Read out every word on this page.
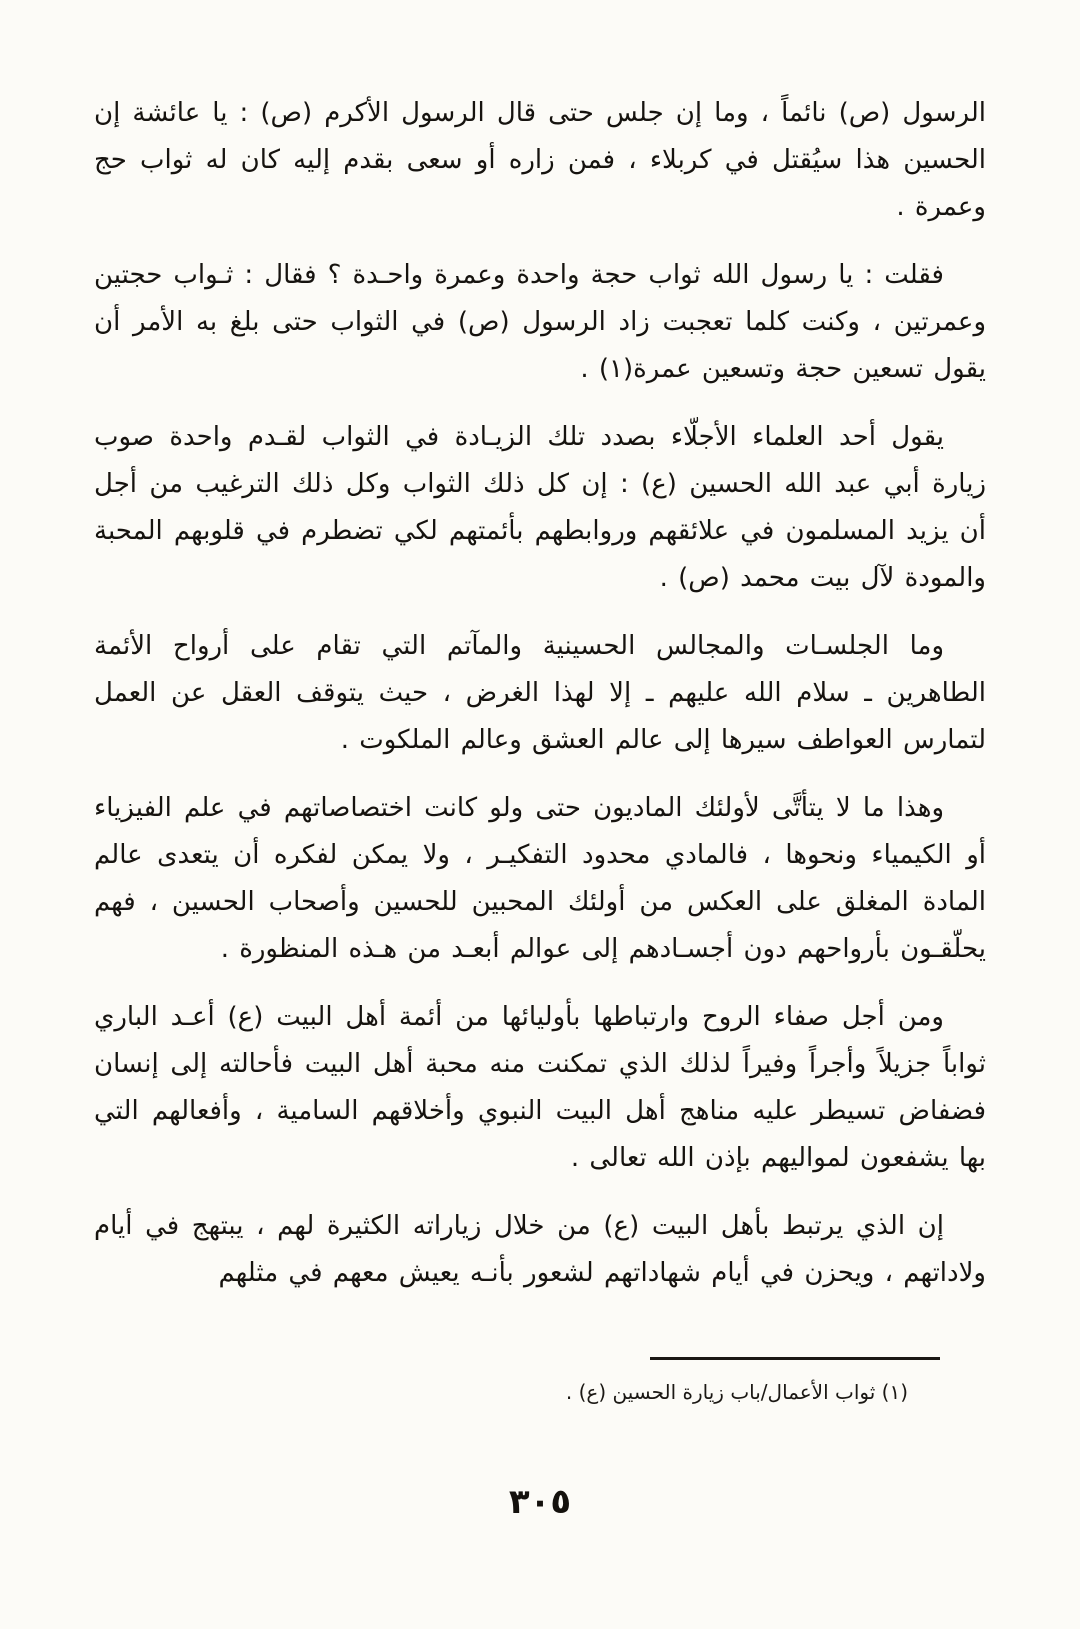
الرسول (ص) نائماً ، وما إن جلس حتى قال الرسول الأكرم (ص) : يا عائشة إن الحسين هذا سيُقتل في كربلاء ، فمن زاره أو سعى بقدم إليه كان له ثواب حج وعمرة .

فقلت : يا رسول الله ثواب حجة واحدة وعمرة واحـدة ؟ فقال : ثـواب حجتين وعمرتين ، وكنت كلما تعجبت زاد الرسول (ص) في الثواب حتى بلغ به الأمر أن يقول تسعين حجة وتسعين عمرة(١) .

يقول أحد العلماء الأجلّاء بصدد تلك الزيـادة في الثواب لقـدم واحدة صوب زيارة أبي عبد الله الحسين (ع) : إن كل ذلك الثواب وكل ذلك الترغيب من أجل أن يزيد المسلمون في علائقهم وروابطهم بأئمتهم لكي تضطرم في قلوبهم المحبة والمودة لآل بيت محمد (ص) .

وما الجلسـات والمجالس الحسينية والمآتم التي تقام على أرواح الأئمة الطاهرين ـ سلام الله عليهم ـ إلا لهذا الغرض ، حيث يتوقف العقل عن العمل لتمارس العواطف سيرها إلى عالم العشق وعالم الملكوت .

وهذا ما لا يتأتَّى لأولئك الماديون حتى ولو كانت اختصاصاتهم في علم الفيزياء أو الكيمياء ونحوها ، فالمادي محدود التفكيـر ، ولا يمكن لفكره أن يتعدى عالم المادة المغلق على العكس من أولئك المحبين للحسين وأصحاب الحسين ، فهم يحلّقـون بأرواحهم دون أجسـادهم إلى عوالم أبعـد من هـذه المنظورة .

ومن أجل صفاء الروح وارتباطها بأوليائها من أئمة أهل البيت (ع) أعـد الباري ثواباً جزيلاً وأجراً وفيراً لذلك الذي تمكنت منه محبة أهل البيت فأحالته إلى إنسان فضفاض تسيطر عليه مناهج أهل البيت النبوي وأخلاقهم السامية ، وأفعالهم التي بها يشفعون لمواليهم بإذن الله تعالى .

إن الذي يرتبط بأهل البيت (ع) من خلال زياراته الكثيرة لهم ، يبتهج في أيام ولاداتهم ، ويحزن في أيام شهاداتهم لشعور بأنـه يعيش معهم في مثلهم

(١) ثواب الأعمال/باب زيارة الحسين (ع) .

٣٠٥
